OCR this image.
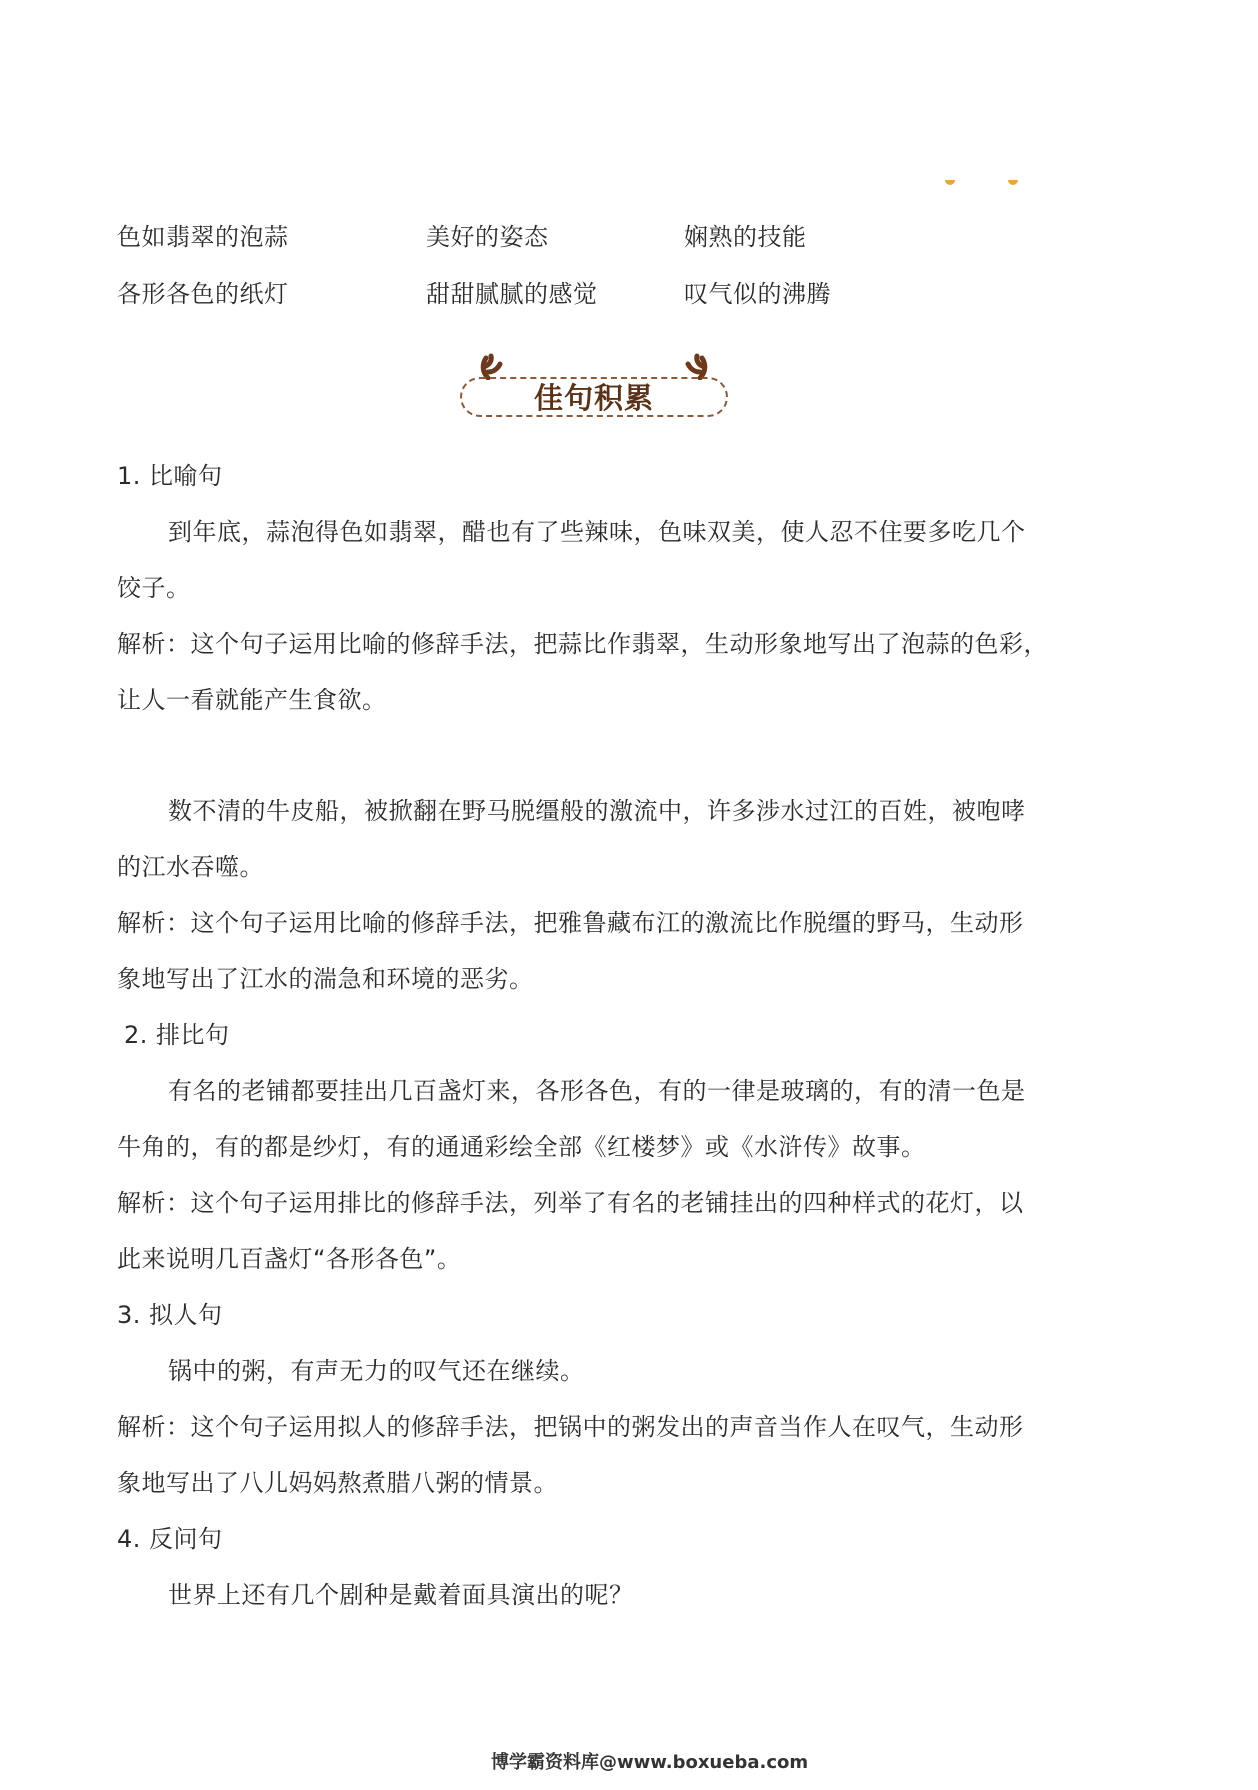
色如翡翠的泡蒜	美好的姿态	娴熟的技能
各形各色的纸灯	甜甜腻腻的感觉	叹气似的沸腾
佳句积累
1. 比喻句
到年底，蒜泡得色如翡翠，醋也有了些辣味，色味双美，使人忍不住要多吃几个
饺子。
解析：这个句子运用比喻的修辞手法，把蒜比作翡翠，生动形象地写出了泡蒜的色彩，
让人一看就能产生食欲。
数不清的牛皮船，被掀翻在野马脱缰般的激流中，许多涉水过江的百姓，被咆哮
的江水吞噬。
解析：这个句子运用比喻的修辞手法，把雅鲁藏布江的激流比作脱缰的野马，生动形
象地写出了江水的湍急和环境的恶劣。
2. 排比句
有名的老铺都要挂出几百盏灯来，各形各色，有的一律是玻璃的，有的清一色是
牛角的，有的都是纱灯，有的通通彩绘全部《红楼梦》或《水浒传》故事。
解析：这个句子运用排比的修辞手法，列举了有名的老铺挂出的四种样式的花灯，以
此来说明几百盏灯“各形各色”。
3. 拟人句
锅中的粥，有声无力的叹气还在继续。
解析：这个句子运用拟人的修辞手法，把锅中的粥发出的声音当作人在叹气，生动形
象地写出了八儿妈妈熬煮腊八粥的情景。
4. 反问句
世界上还有几个剧种是戴着面具演出的呢？
博学霸资料库@www.boxueba.com
